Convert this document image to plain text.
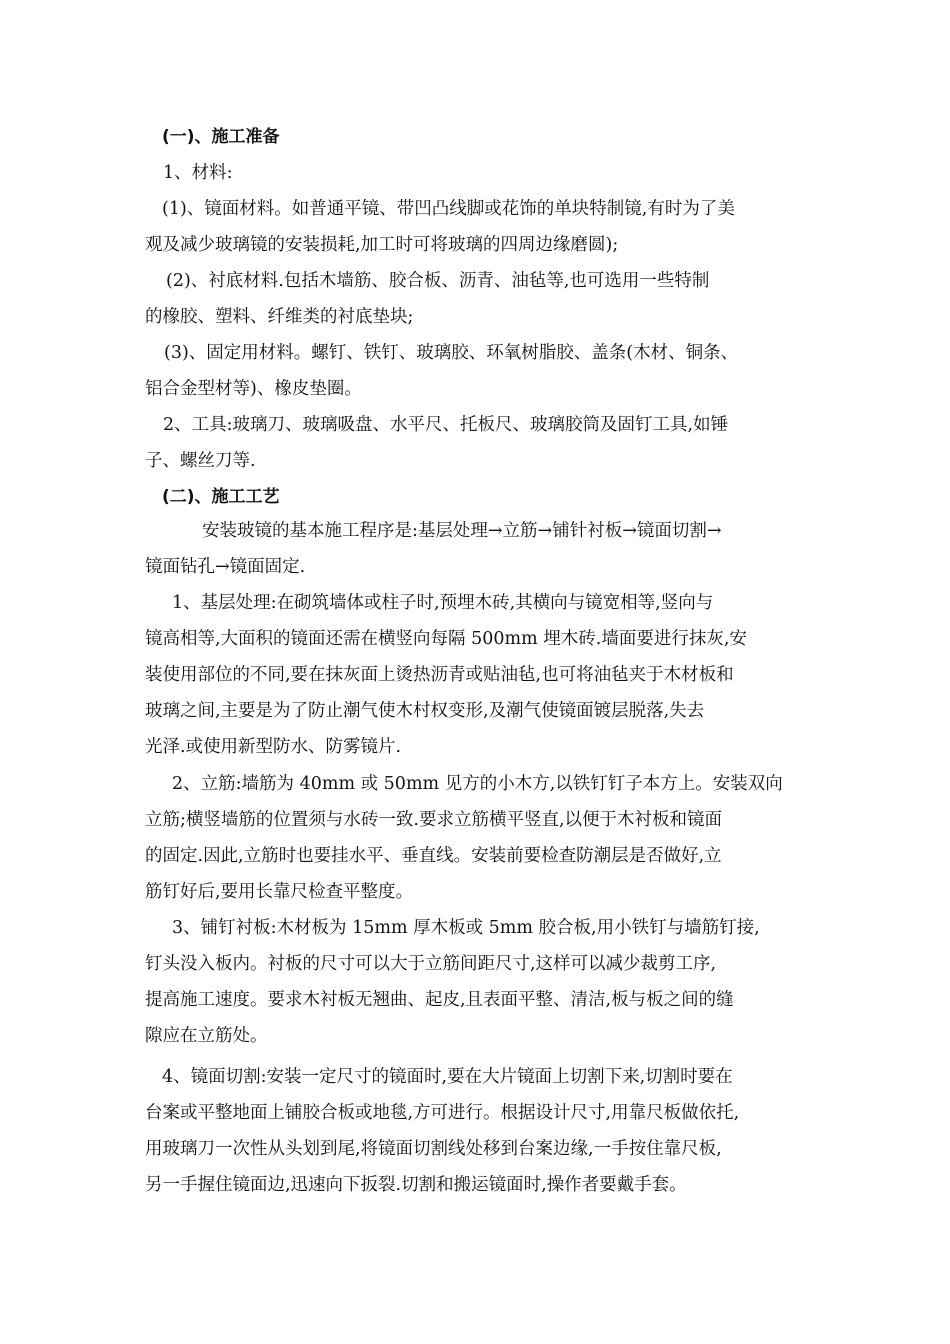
(一)、施工准备
1、材料:
(1)、镜面材料。如普通平镜、带凹凸线脚或花饰的单块特制镜,有时为了美
观及减少玻璃镜的安装损耗,加工时可将玻璃的四周边缘磨圆);
(2)、衬底材料.包括木墙筋、胶合板、沥青、油毡等,也可选用一些特制
的橡胶、塑料、纤维类的衬底垫块;
(3)、固定用材料。螺钉、铁钉、玻璃胶、环氧树脂胶、盖条(木材、铜条、
铝合金型材等)、橡皮垫圈。
2、工具:玻璃刀、玻璃吸盘、水平尺、托板尺、玻璃胶筒及固钉工具,如锤
子、螺丝刀等.
(二)、施工工艺
安装玻镜的基本施工程序是:基层处理→立筋→铺针衬板→镜面切割→
镜面钻孔→镜面固定.
1、基层处理:在砌筑墙体或柱子时,预埋木砖,其横向与镜宽相等,竖向与
镜高相等,大面积的镜面还需在横竖向每隔 500mm 埋木砖.墙面要进行抹灰,安
装使用部位的不同,要在抹灰面上烫热沥青或贴油毡,也可将油毡夹于木材板和
玻璃之间,主要是为了防止潮气使木村权变形,及潮气使镜面镀层脱落,失去
光泽.或使用新型防水、防雾镜片.
2、立筋:墙筋为 40mm 或 50mm 见方的小木方,以铁钉钉子本方上。安装双向
立筋;横竖墙筋的位置须与水砖一致.要求立筋横平竖直,以便于木衬板和镜面
的固定.因此,立筋时也要挂水平、垂直线。安装前要检查防潮层是否做好,立
筋钉好后,要用长靠尺检查平整度。
3、铺钉衬板:木材板为 15mm 厚木板或 5mm 胶合板,用小铁钉与墙筋钉接,
钉头没入板内。衬板的尺寸可以大于立筋间距尺寸,这样可以减少裁剪工序,
提高施工速度。要求木衬板无翘曲、起皮,且表面平整、清洁,板与板之间的缝
隙应在立筋处。
4、镜面切割:安装一定尺寸的镜面时,要在大片镜面上切割下来,切割时要在
台案或平整地面上铺胶合板或地毯,方可进行。根据设计尺寸,用靠尺板做依托,
用玻璃刀一次性从头划到尾,将镜面切割线处移到台案边缘,一手按住靠尺板,
另一手握住镜面边,迅速向下扳裂.切割和搬运镜面时,操作者要戴手套。
